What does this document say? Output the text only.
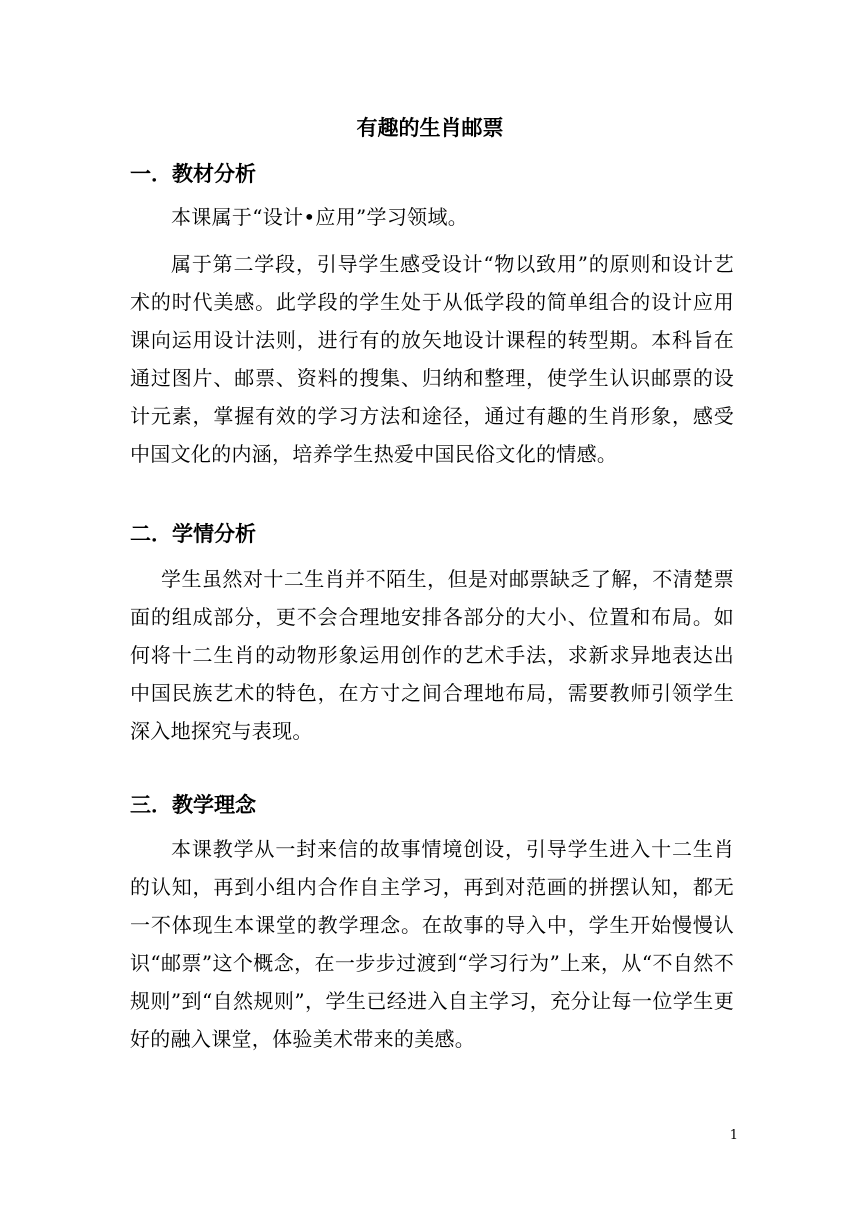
有趣的生肖邮票
一．教材分析

本课属于“设计•应用”学习领域。

属于第二学段，引导学生感受设计“物以致用”的原则和设计艺术的时代美感。此学段的学生处于从低学段的简单组合的设计应用课向运用设计法则，进行有的放矢地设计课程的转型期。本科旨在通过图片、邮票、资料的搜集、归纳和整理，使学生认识邮票的设计元素，掌握有效的学习方法和途径，通过有趣的生肖形象，感受中国文化的内涵，培养学生热爱中国民俗文化的情感。

二．学情分析

学生虽然对十二生肖并不陌生，但是对邮票缺乏了解，不清楚票面的组成部分，更不会合理地安排各部分的大小、位置和布局。如何将十二生肖的动物形象运用创作的艺术手法，求新求异地表达出中国民族艺术的特色，在方寸之间合理地布局，需要教师引领学生深入地探究与表现。

三．教学理念

本课教学从一封来信的故事情境创设，引导学生进入十二生肖的认知，再到小组内合作自主学习，再到对范画的拼摆认知，都无一不体现生本课堂的教学理念。在故事的导入中，学生开始慢慢认识“邮票”这个概念，在一步步过渡到“学习行为”上来，从“不自然不规则”到“自然规则”，学生已经进入自主学习，充分让每一位学生更好的融入课堂，体验美术带来的美感。

1
